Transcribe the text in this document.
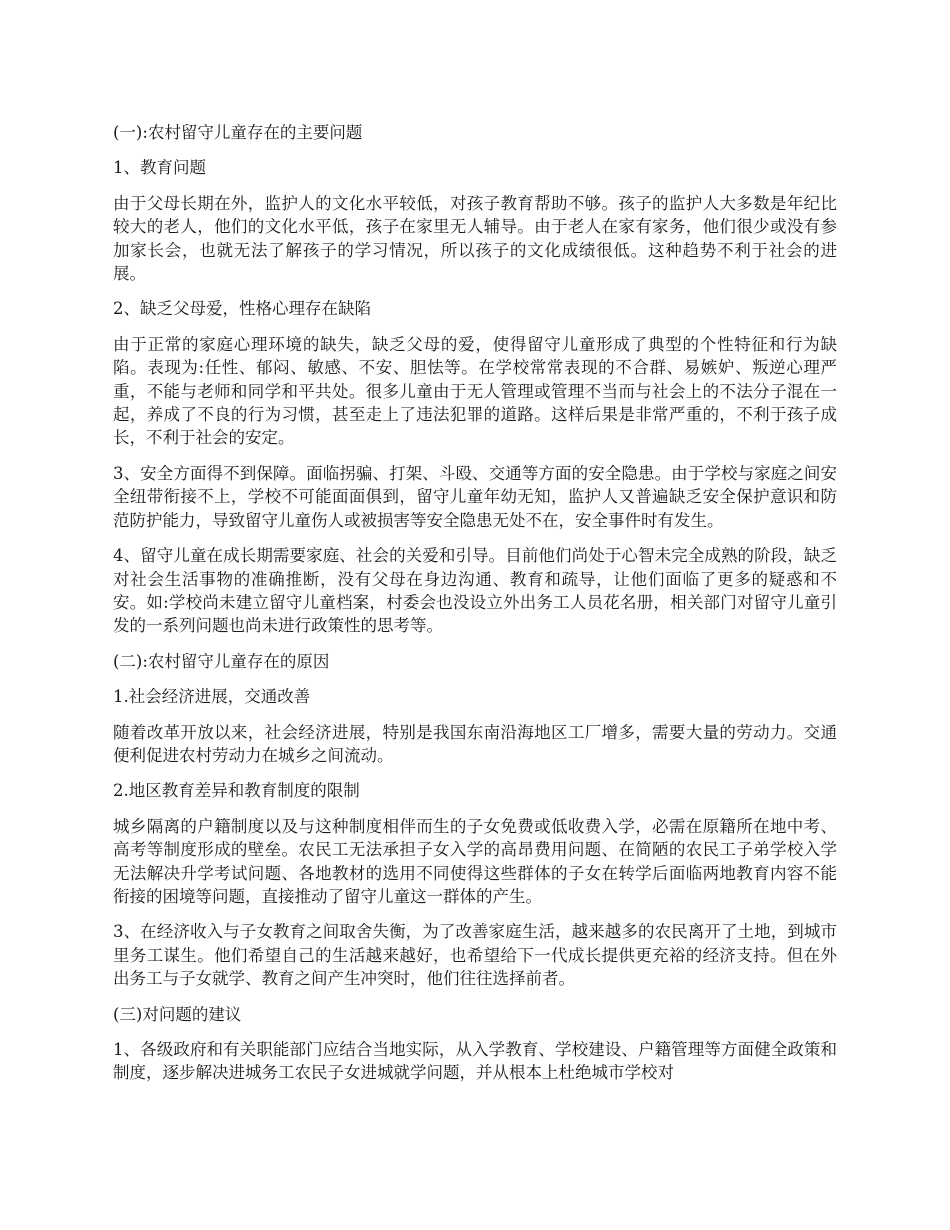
(一):农村留守儿童存在的主要问题

1、教育问题

由于父母长期在外，监护人的文化水平较低，对孩子教育帮助不够。孩子的监护人大多数是年纪比较大的老人，他们的文化水平低，孩子在家里无人辅导。由于老人在家有家务，他们很少或没有参加家长会，也就无法了解孩子的学习情况，所以孩子的文化成绩很低。这种趋势不利于社会的进展。

2、缺乏父母爱，性格心理存在缺陷

由于正常的家庭心理环境的缺失，缺乏父母的爱，使得留守儿童形成了典型的个性特征和行为缺陷。表现为:任性、郁闷、敏感、不安、胆怯等。在学校常常表现的不合群、易嫉妒、叛逆心理严重，不能与老师和同学和平共处。很多儿童由于无人管理或管理不当而与社会上的不法分子混在一起，养成了不良的行为习惯，甚至走上了违法犯罪的道路。这样后果是非常严重的，不利于孩子成长，不利于社会的安定。

3、安全方面得不到保障。面临拐骗、打架、斗殴、交通等方面的安全隐患。由于学校与家庭之间安全纽带衔接不上，学校不可能面面俱到，留守儿童年幼无知，监护人又普遍缺乏安全保护意识和防范防护能力，导致留守儿童伤人或被损害等安全隐患无处不在，安全事件时有发生。

4、留守儿童在成长期需要家庭、社会的关爱和引导。目前他们尚处于心智未完全成熟的阶段，缺乏对社会生活事物的准确推断，没有父母在身边沟通、教育和疏导，让他们面临了更多的疑惑和不安。如:学校尚未建立留守儿童档案，村委会也没设立外出务工人员花名册，相关部门对留守儿童引发的一系列问题也尚未进行政策性的思考等。

(二):农村留守儿童存在的原因

1.社会经济进展，交通改善

随着改革开放以来，社会经济进展，特别是我国东南沿海地区工厂增多，需要大量的劳动力。交通便利促进农村劳动力在城乡之间流动。

2.地区教育差异和教育制度的限制

城乡隔离的户籍制度以及与这种制度相伴而生的子女免费或低收费入学，必需在原籍所在地中考、高考等制度形成的壁垒。农民工无法承担子女入学的高昂费用问题、在简陋的农民工子弟学校入学无法解决升学考试问题、各地教材的选用不同使得这些群体的子女在转学后面临两地教育内容不能衔接的困境等问题，直接推动了留守儿童这一群体的产生。

3、在经济收入与子女教育之间取舍失衡，为了改善家庭生活，越来越多的农民离开了土地，到城市里务工谋生。他们希望自己的生活越来越好，也希望给下一代成长提供更充裕的经济支持。但在外出务工与子女就学、教育之间产生冲突时，他们往往选择前者。

(三)对问题的建议

1、各级政府和有关职能部门应结合当地实际，从入学教育、学校建设、户籍管理等方面健全政策和制度，逐步解决进城务工农民子女进城就学问题，并从根本上杜绝城市学校对
